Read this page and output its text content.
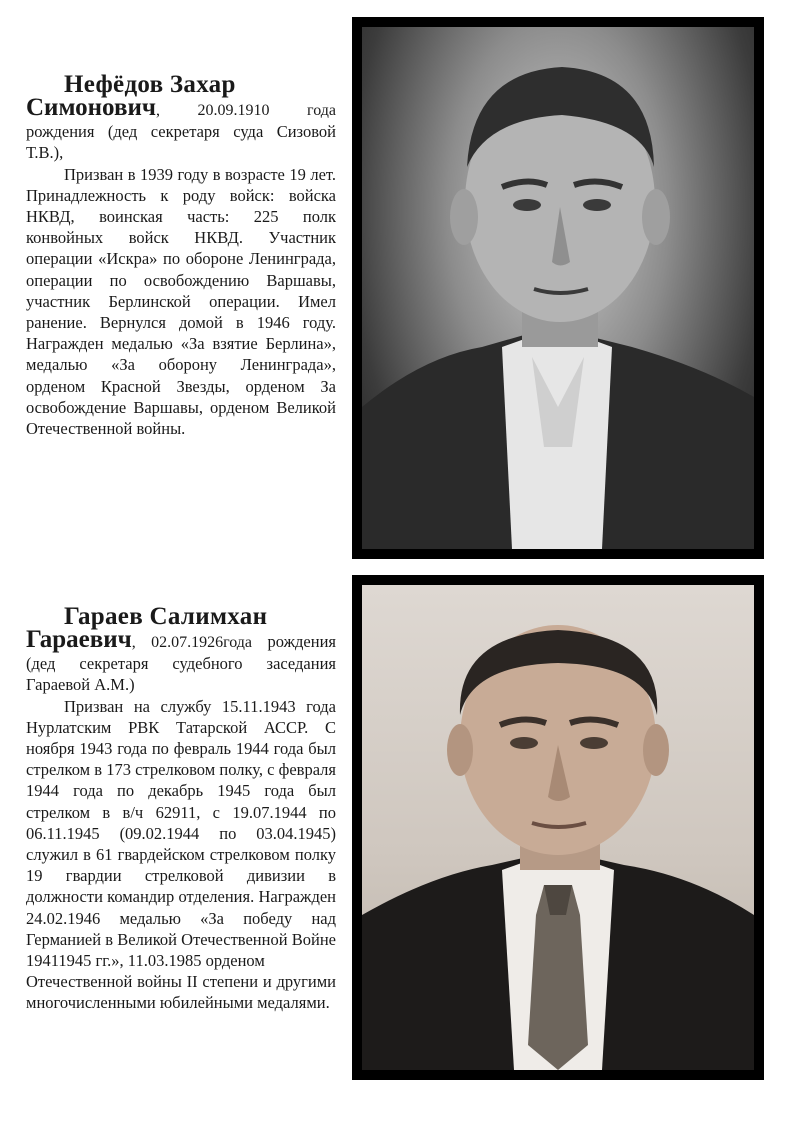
Нефёдов Захар

Симонович, 20.09.1910 года рождения (дед секретаря суда Сизовой Т.В.),

Призван в 1939 году в возрасте 19 лет. Принадлежность к роду войск: войска НКВД, воинская часть: 225 полк конвойных войск НКВД. Участник операции «Искра» по обороне Ленинграда, операции по освобождению Варшавы, участник Берлинской операции. Имел ранение. Вернулся домой в 1946 году. Награжден медалью «За взятие Берлина», медалью «За оборону Ленинграда», орденом Красной Звезды, орденом За освобождение Варшавы, орденом Великой Отечественной войны.

Гараев Салимхан

Гараевич, 02.07.1926года рождения (дед секретаря судебного заседания Гараевой А.М.)

Призван на службу 15.11.1943 года Нурлатским РВК Татарской АССР. С ноября 1943 года по февраль 1944 года был стрелком в 173 стрелковом полку, с февраля 1944 года по декабрь 1945 года был стрелком в в/ч 62911, с 19.07.1944 по 06.11.1945 (09.02.1944 по 03.04.1945) служил в 61 гвардейском стрелковом полку 19 гвардии стрелковой дивизии в должности командир отделения. Награжден 24.02.1946 медалью «За победу над Германией в Великой Отечественной Войне 19411945 гг.», 11.03.1985 орденом

Отечественной войны II степени и другими многочисленными юбилейными медалями.
